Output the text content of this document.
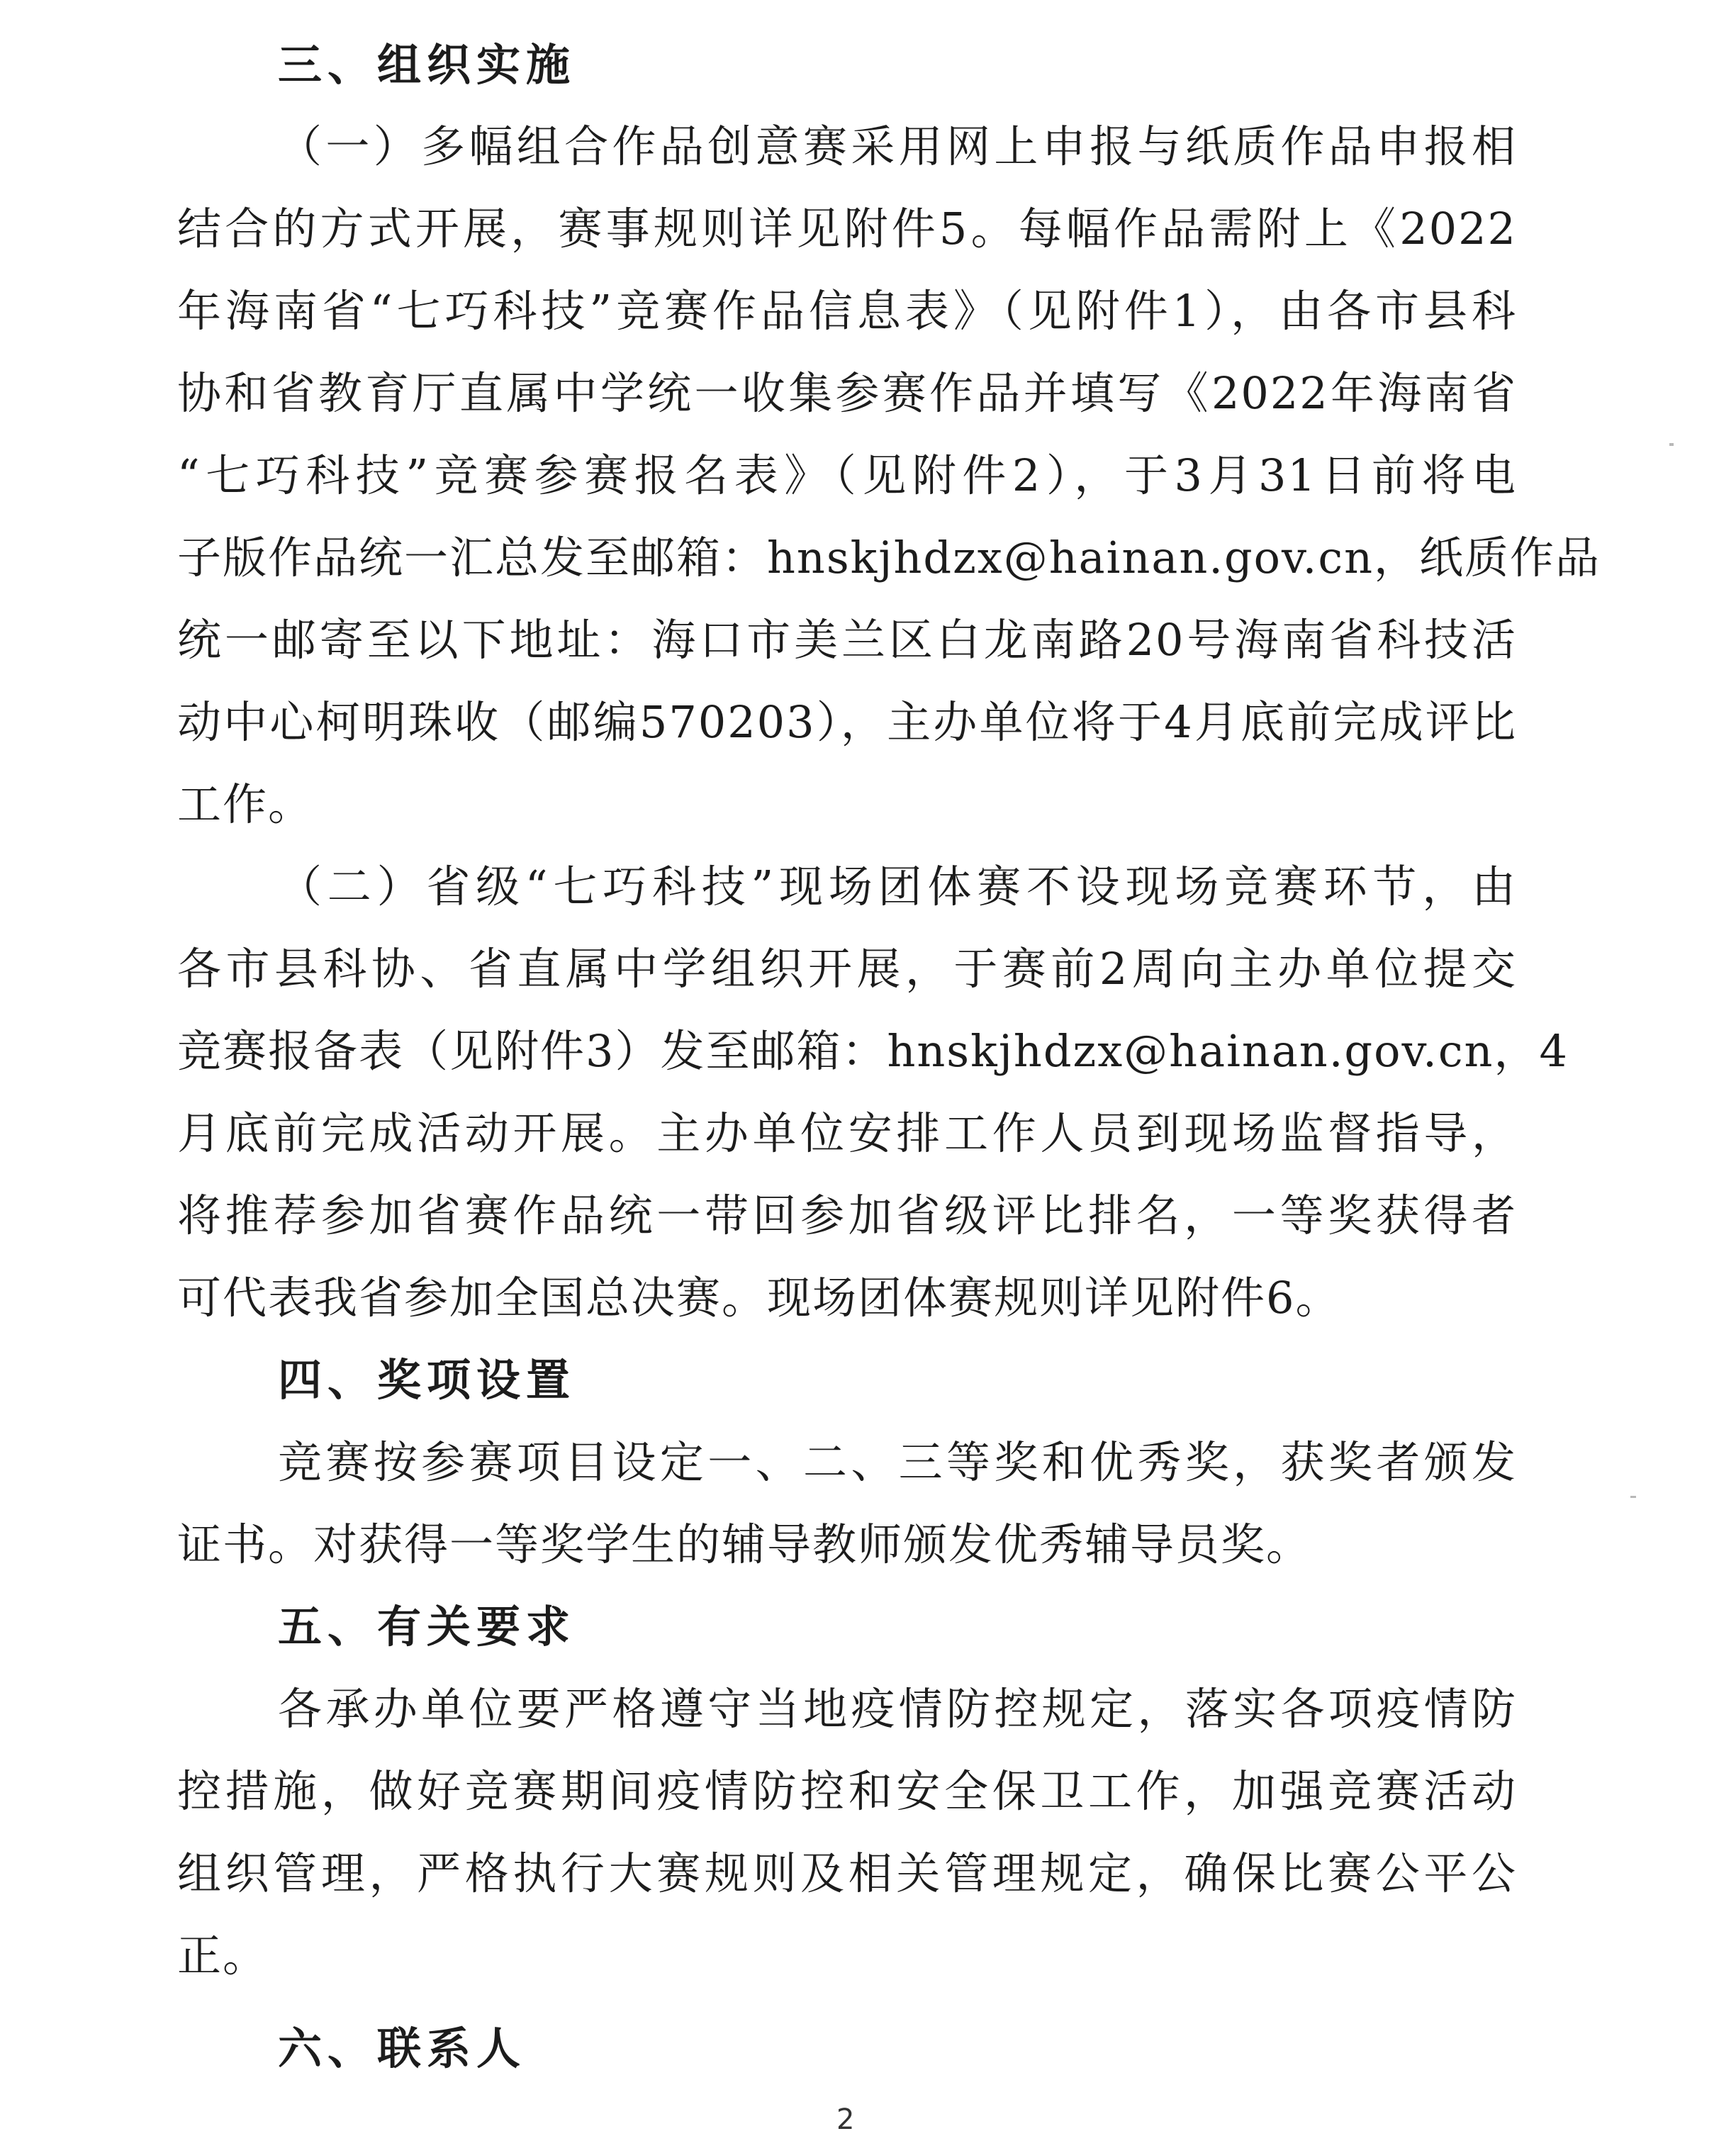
三、组织实施

（一）多幅组合作品创意赛采用网上申报与纸质作品申报相

结合的方式开展，赛事规则详见附件5。每幅作品需附上《2022

年海南省“七巧科技”竞赛作品信息表》（见附件1），由各市县科

协和省教育厅直属中学统一收集参赛作品并填写《2022年海南省

“七巧科技”竞赛参赛报名表》（见附件2），于3月31日前将电

子版作品统一汇总发至邮箱：hnskjhdzx@hainan.gov.cn，纸质作品

统一邮寄至以下地址：海口市美兰区白龙南路20号海南省科技活

动中心柯明珠收（邮编570203），主办单位将于4月底前完成评比

工作。

（二）省级“七巧科技”现场团体赛不设现场竞赛环节，由

各市县科协、省直属中学组织开展，于赛前2周向主办单位提交

竞赛报备表（见附件3）发至邮箱：hnskjhdzx@hainan.gov.cn，4

月底前完成活动开展。主办单位安排工作人员到现场监督指导，

将推荐参加省赛作品统一带回参加省级评比排名，一等奖获得者

可代表我省参加全国总决赛。现场团体赛规则详见附件6。

四、奖项设置

竞赛按参赛项目设定一、二、三等奖和优秀奖，获奖者颁发

证书。对获得一等奖学生的辅导教师颁发优秀辅导员奖。

五、有关要求

各承办单位要严格遵守当地疫情防控规定，落实各项疫情防

控措施，做好竞赛期间疫情防控和安全保卫工作，加强竞赛活动

组织管理，严格执行大赛规则及相关管理规定，确保比赛公平公

正。

六、联系人
2
